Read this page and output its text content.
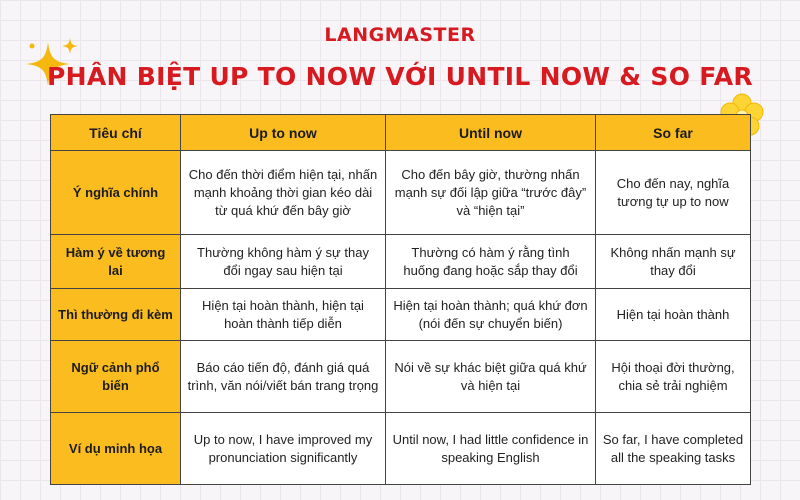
LANGMASTER
PHÂN BIỆT UP TO NOW VỚI UNTIL NOW & SO FAR
Tiêu chí	Up to now	Until now	So far
Ý nghĩa chính	Cho đến thời điểm hiện tại, nhấn mạnh khoảng thời gian kéo dài từ quá khứ đến bây giờ	Cho đến bây giờ, thường nhấn mạnh sự đối lập giữa “trước đây” và “hiện tại”	Cho đến nay, nghĩa tương tự up to now
Hàm ý về tương lai	Thường không hàm ý sự thay đổi ngay sau hiện tại	Thường có hàm ý rằng tình huống đang hoặc sắp thay đổi	Không nhấn mạnh sự thay đổi
Thì thường đi kèm	Hiện tại hoàn thành, hiện tại hoàn thành tiếp diễn	Hiện tại hoàn thành; quá khứ đơn (nói đến sự chuyển biến)	Hiện tại hoàn thành
Ngữ cảnh phổ biến	Báo cáo tiến độ, đánh giá quá trình, văn nói/viết bán trang trọng	Nói về sự khác biệt giữa quá khứ và hiện tại	Hội thoại đời thường, chia sẻ trải nghiệm
Ví dụ minh họa	Up to now, I have improved my pronunciation significantly	Until now, I had little confidence in speaking English	So far, I have completed all the speaking tasks
